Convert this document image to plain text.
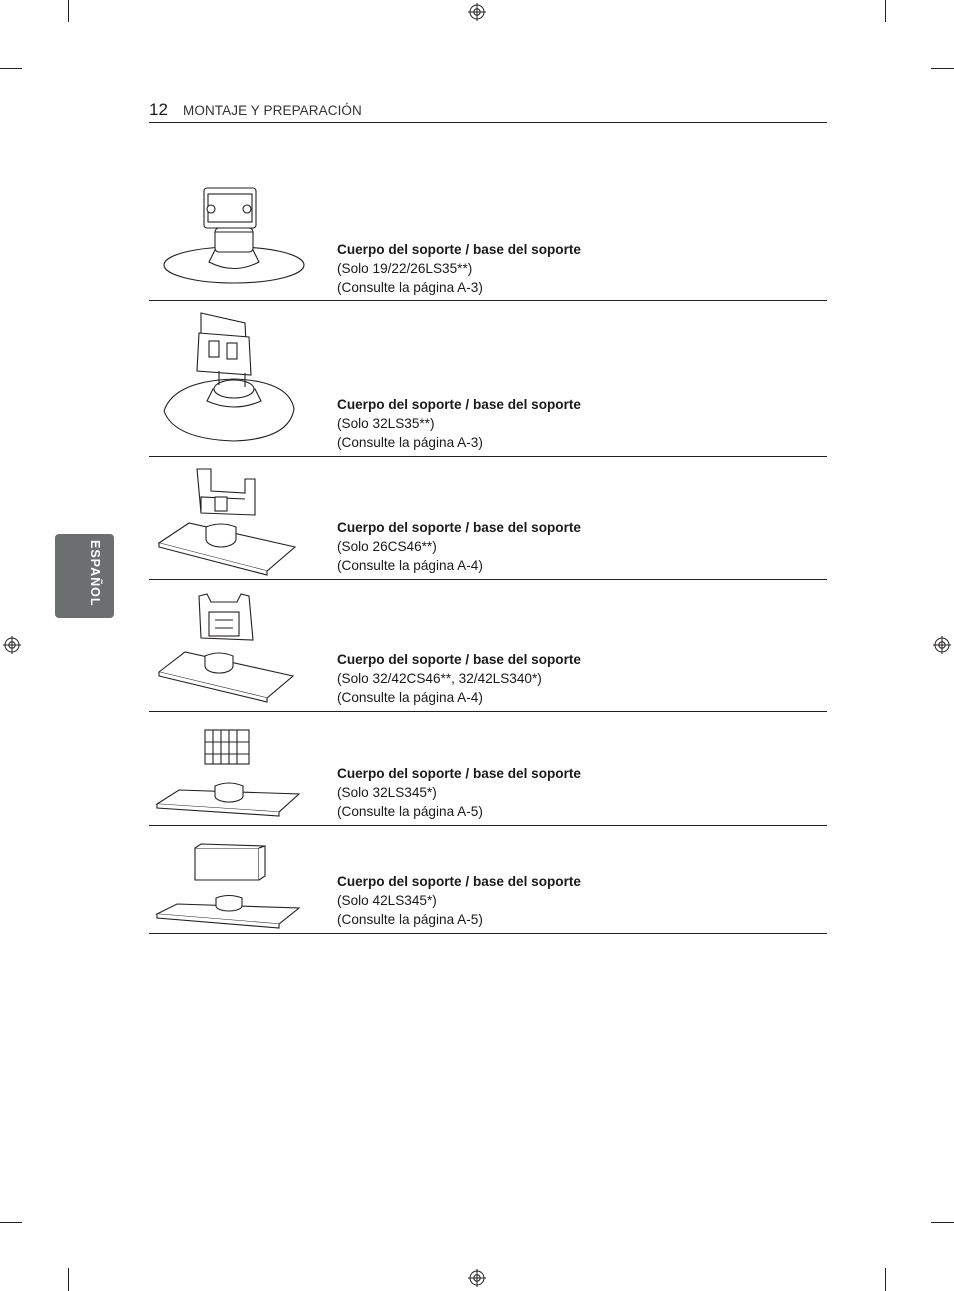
12 MONTAJE Y PREPARACIÓN
ESPAÑOL
Cuerpo del soporte / base del soporte
(Solo 19/22/26LS35**)
(Consulte la página A-3)
Cuerpo del soporte / base del soporte
(Solo 32LS35**)
(Consulte la página A-3)
Cuerpo del soporte / base del soporte
(Solo 26CS46**)
(Consulte la página A-4)
Cuerpo del soporte / base del soporte
(Solo 32/42CS46**, 32/42LS340*)
(Consulte la página A-4)
Cuerpo del soporte / base del soporte
(Solo 32LS345*)
(Consulte la página A-5)
Cuerpo del soporte / base del soporte
(Solo 42LS345*)
(Consulte la página A-5)
